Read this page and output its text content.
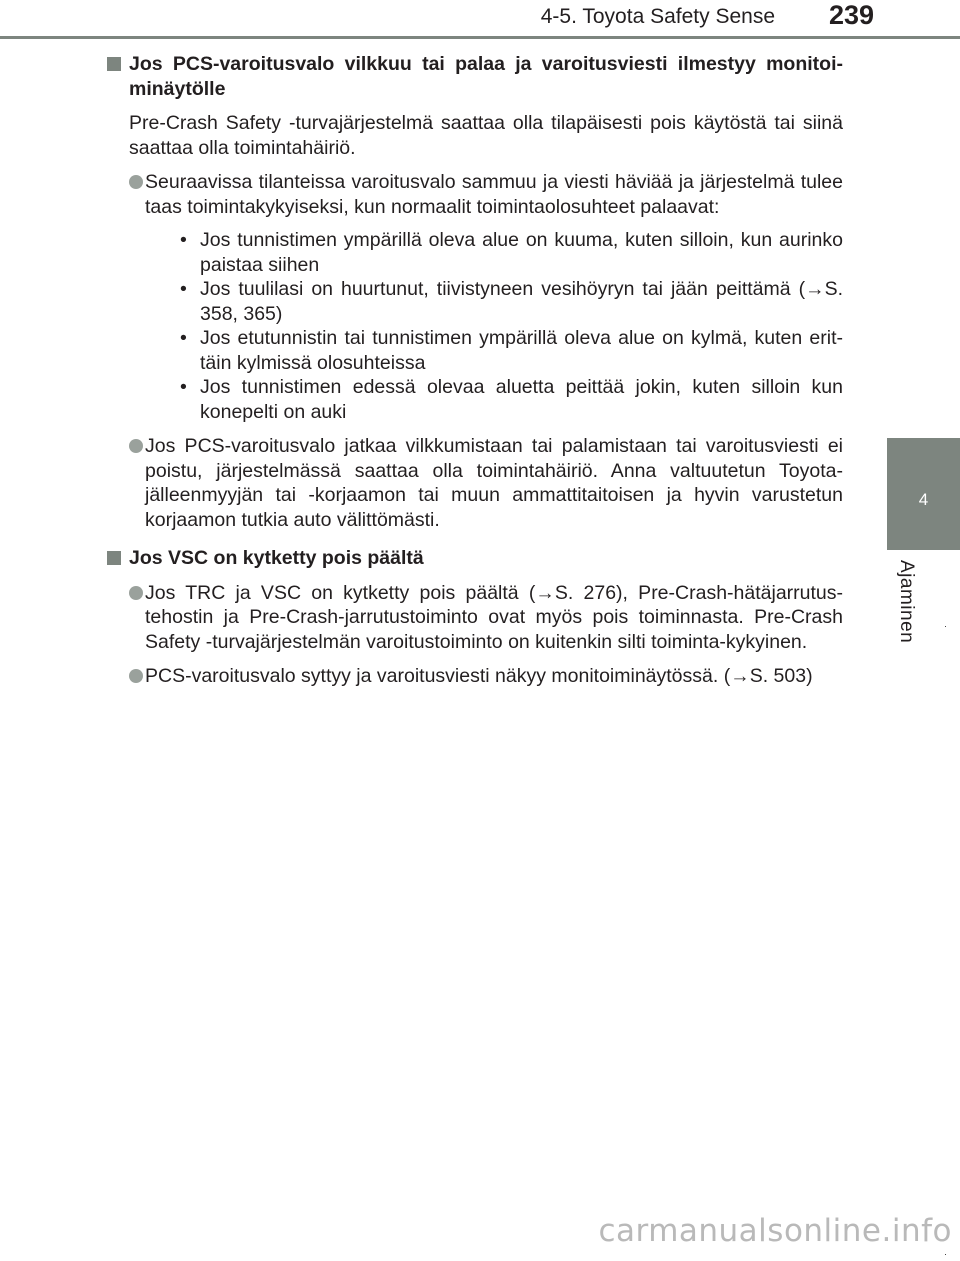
4-5. Toyota Safety Sense 239
4
Ajaminen
Jos PCS-varoitusvalo vilkkuu tai palaa ja varoitusviesti ilmestyy monitoi-minäytölle
Pre-Crash Safety -turvajärjestelmä saattaa olla tilapäisesti pois käytöstä tai siinä saattaa olla toimintahäiriö.
Seuraavissa tilanteissa varoitusvalo sammuu ja viesti häviää ja järjestelmä tulee taas toimintakykyiseksi, kun normaalit toimintaolosuhteet palaavat:
• Jos tunnistimen ympärillä oleva alue on kuuma, kuten silloin, kun aurinko paistaa siihen
• Jos tuulilasi on huurtunut, tiivistyneen vesihöyryn tai jään peittämä (→S. 358, 365)
• Jos etutunnistin tai tunnistimen ympärillä oleva alue on kylmä, kuten erit-täin kylmissä olosuhteissa
• Jos tunnistimen edessä olevaa aluetta peittää jokin, kuten silloin kun konepelti on auki
Jos PCS-varoitusvalo jatkaa vilkkumistaan tai palamistaan tai varoitusviesti ei poistu, järjestelmässä saattaa olla toimintahäiriö. Anna valtuutetun Toyota-jälleenmyyjän tai -korjaamon tai muun ammattitaitoisen ja hyvin varustetun korjaamon tutkia auto välittömästi.
Jos VSC on kytketty pois päältä
Jos TRC ja VSC on kytketty pois päältä (→S. 276), Pre-Crash-hätäjarrutus-tehostin ja Pre-Crash-jarrutustoiminto ovat myös pois toiminnasta. Pre-Crash Safety -turvajärjestelmän varoitustoiminto on kuitenkin silti toiminta-kykyinen.
PCS-varoitusvalo syttyy ja varoitusviesti näkyy monitoiminäytössä. (→S. 503)
carmanualsonline.info
